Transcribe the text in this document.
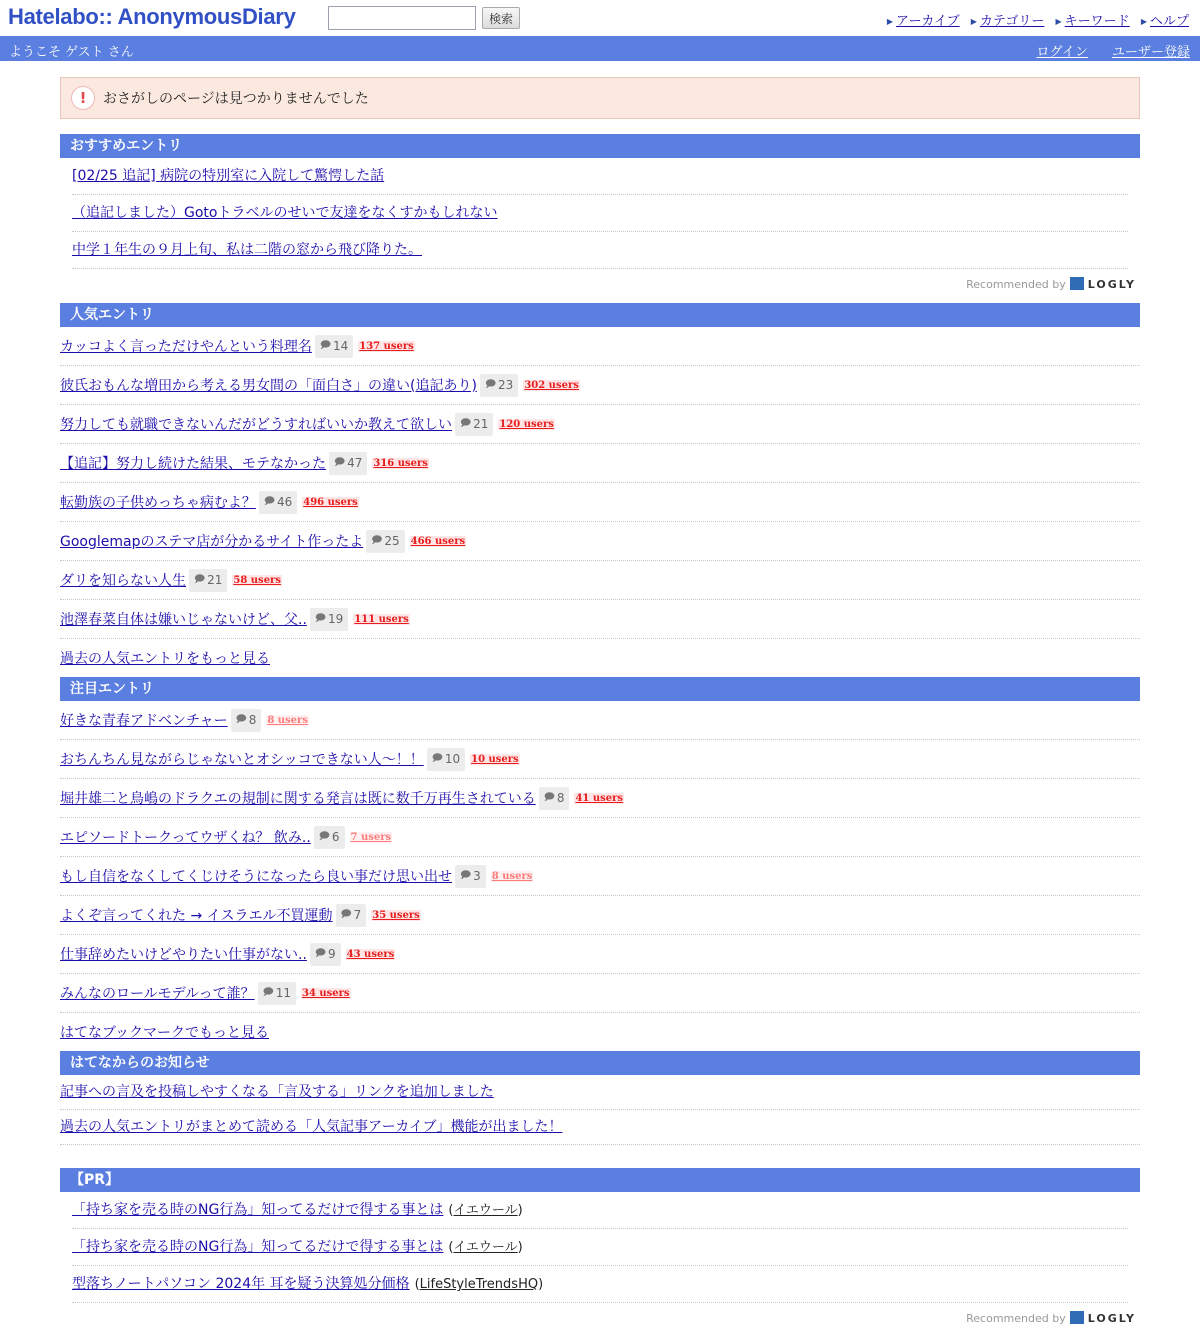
Hatelabo:: AnonymousDiary	検索	▶ アーカイブ ▶ カテゴリー ▶ キーワード ▶ ヘルプ
ようこそ ゲスト さん	ログイン ユーザー登録
!	おさがしのページは見つかりませんでした
おすすめエントリ
[02/25 追記] 病院の特別室に入院して驚愕した話
（追記しました）Gotoトラベルのせいで友達をなくすかもしれない
中学１年生の９月上旬、私は二階の窓から飛び降りた。
Recommended by LOGLY
人気エントリ
カッコよく言っただけやんという料理名 🗩 14 137 users
彼氏おもんな増田から考える男女間の「面白さ」の違い(追記あり) 🗩 23 302 users
努力しても就職できないんだがどうすればいいか教えて欲しい 🗩 21 120 users
【追記】努力し続けた結果、モテなかった 🗩 47 316 users
転勤族の子供めっちゃ病むよ？ 🗩 46 496 users
Googlemapのステマ店が分かるサイト作ったよ 🗩 25 466 users
ダリを知らない人生 🗩 21 58 users
池澤春菜自体は嫌いじゃないけど、父.. 🗩 19 111 users
過去の人気エントリをもっと見る
注目エントリ
好きな青春アドベンチャー 🗩 8 8 users
おちんちん見ながらじゃないとオシッコできない人〜！！ 🗩 10 10 users
堀井雄二と鳥嶋のドラクエの規制に関する発言は既に数千万再生されている 🗩 8 41 users
エピソードトークってウザくね？ 飲み.. 🗩 6 7 users
もし自信をなくしてくじけそうになったら良い事だけ思い出せ 🗩 3 8 users
よくぞ言ってくれた → イスラエル不買運動 🗩 7 35 users
仕事辞めたいけどやりたい仕事がない.. 🗩 9 43 users
みんなのロールモデルって誰？ 🗩 11 34 users
はてなブックマークでもっと見る
はてなからのお知らせ
記事への言及を投稿しやすくなる「言及する」リンクを追加しました
過去の人気エントリがまとめて読める「人気記事アーカイブ」機能が出ました！
【PR】
「持ち家を売る時のNG行為」知ってるだけで得する事とは (イエウール)
「持ち家を売る時のNG行為」知ってるだけで得する事とは (イエウール)
型落ちノートパソコン 2024年 耳を疑う決算処分価格 (LifeStyleTrendsHQ)
Recommended by LOGLY
